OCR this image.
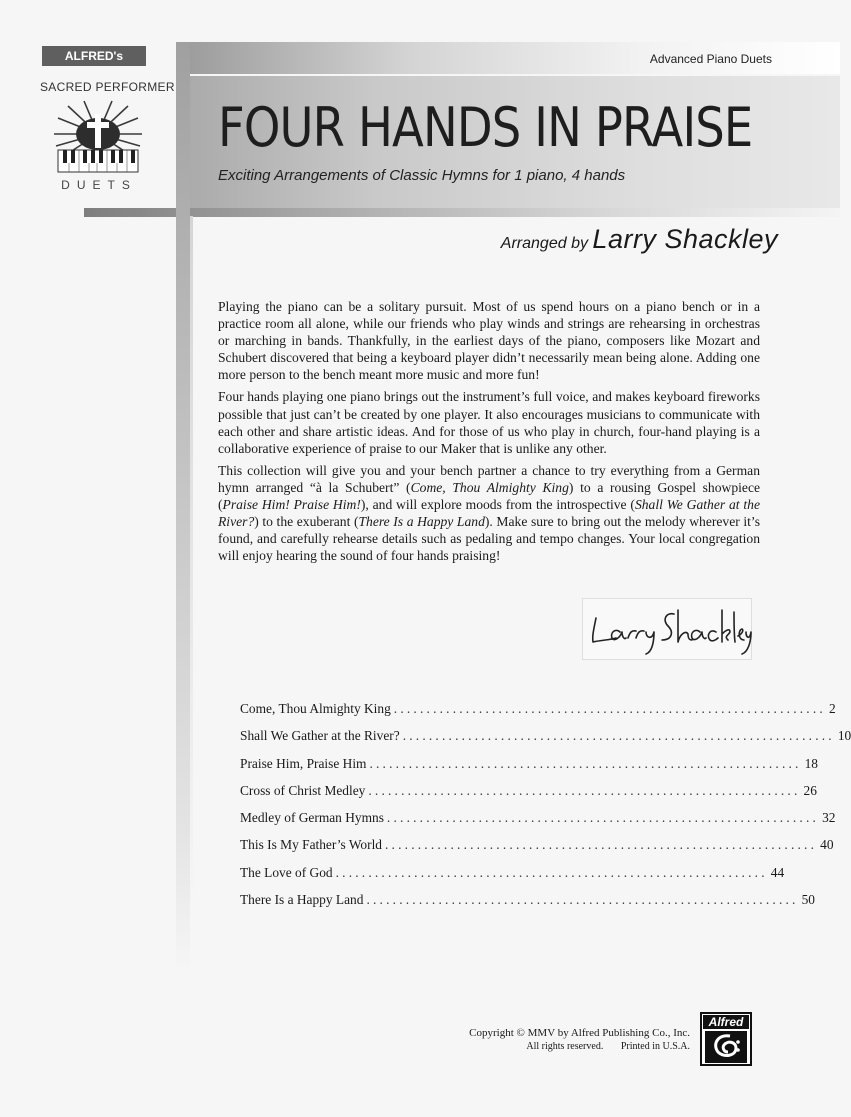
Advanced Piano Duets
ALFRED's
SACRED PERFORMER
DUETS
FOUR HANDS IN PRAISE
Exciting Arrangements of Classic Hymns for 1 piano, 4 hands
Arranged by Larry Shackley

Playing the piano can be a solitary pursuit. Most of us spend hours on a piano bench or in a practice room all alone, while our friends who play winds and strings are rehearsing in orchestras or marching in bands. Thankfully, in the earliest days of the piano, composers like Mozart and Schubert discovered that being a keyboard player didn’t necessarily mean being alone. Adding one more person to the bench meant more music and more fun!

Four hands playing one piano brings out the instrument’s full voice, and makes keyboard fireworks possible that just can’t be created by one player. It also encourages musicians to communicate with each other and share artistic ideas. And for those of us who play in church, four-hand playing is a collaborative experience of praise to our Maker that is unlike any other.

This collection will give you and your bench partner a chance to try everything from a German hymn arranged “à la Schubert” (Come, Thou Almighty King) to a rousing Gospel showpiece (Praise Him! Praise Him!), and will explore moods from the introspective (Shall We Gather at the River?) to the exuberant (There Is a Happy Land). Make sure to bring out the melody wherever it’s found, and carefully rehearse details such as pedaling and tempo changes. Your local congregation will enjoy hearing the sound of four hands praising!

Come, Thou Almighty King .................................................................. 2
Shall We Gather at the River? .................................................................. 10
Praise Him, Praise Him .................................................................. 18
Cross of Christ Medley .................................................................. 26
Medley of German Hymns .................................................................. 32
This Is My Father’s World .................................................................. 40
The Love of God .................................................................. 44
There Is a Happy Land .................................................................. 50
Copyright © MMV by Alfred Publishing Co., Inc.
All rights reserved. Printed in U.S.A.
Alfred
